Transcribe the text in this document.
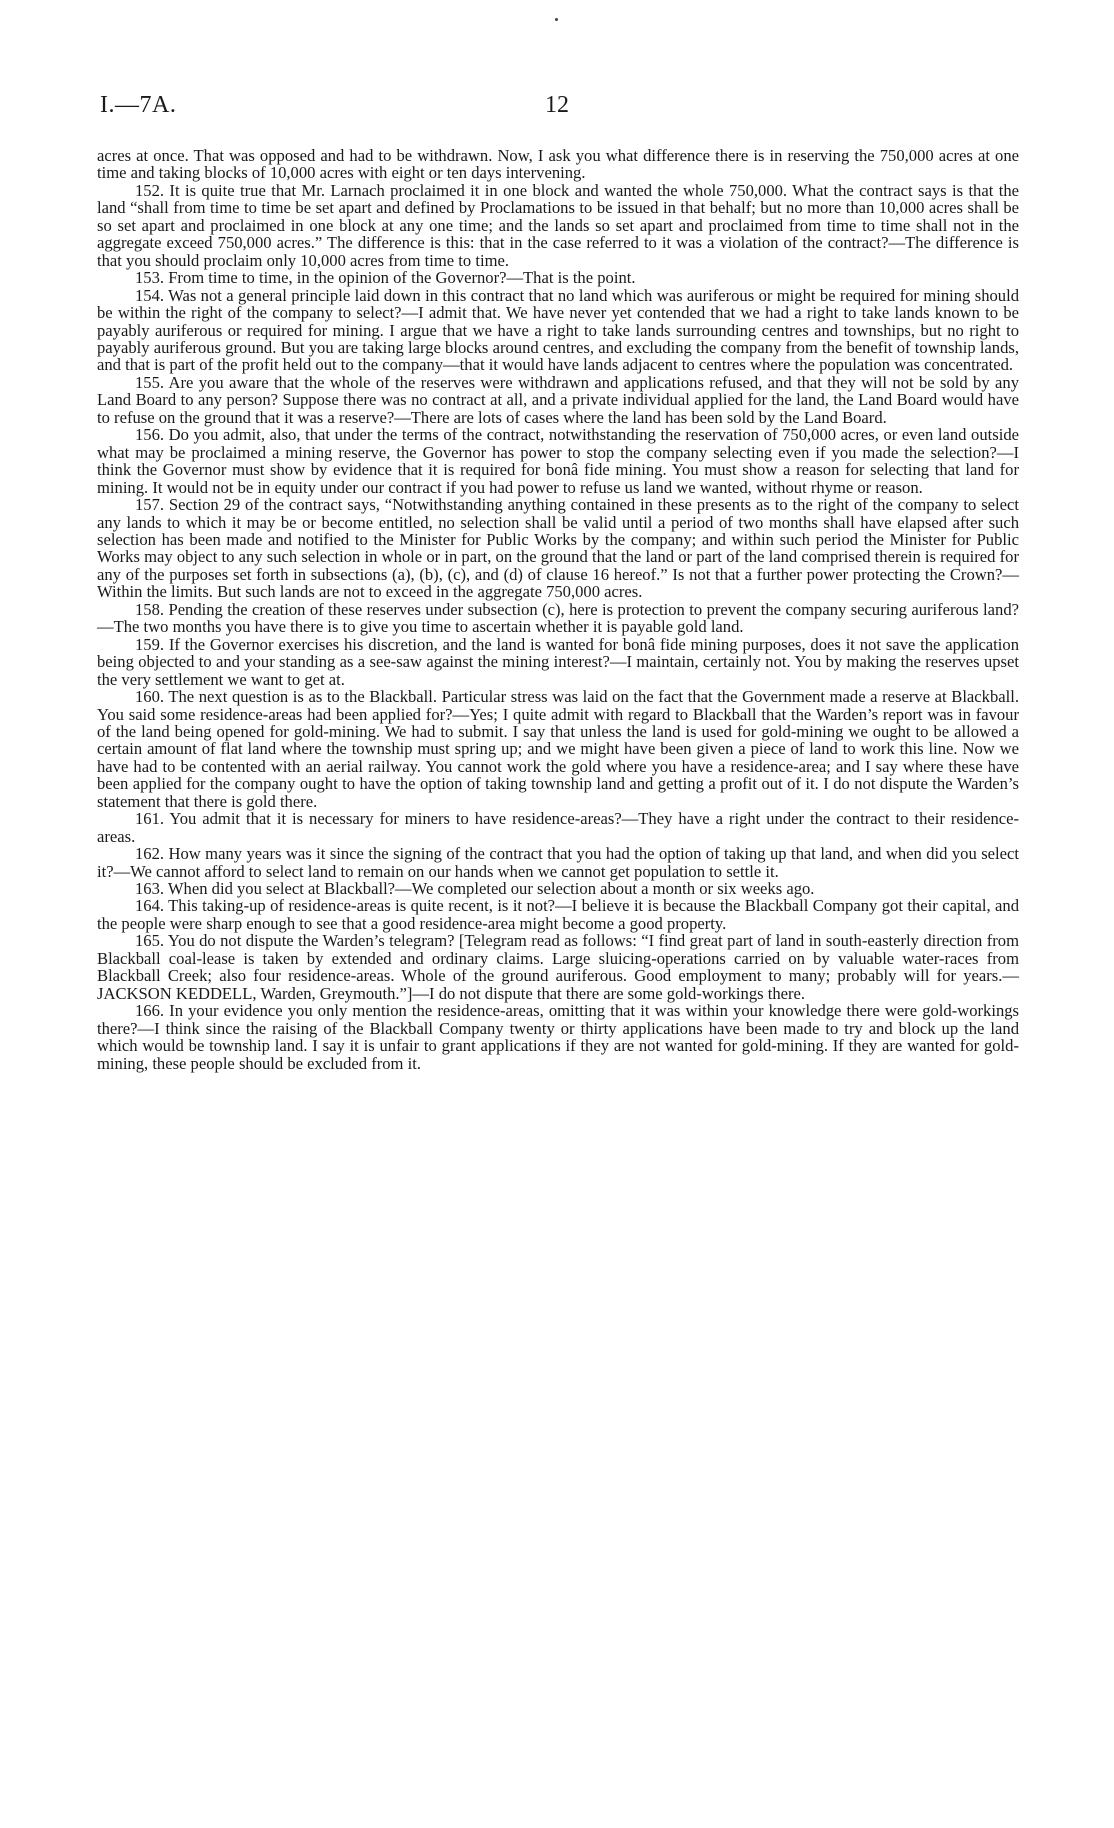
I.—7A.	12

acres at once. That was opposed and had to be withdrawn. Now, I ask you what difference there is in reserving the 750,000 acres at one time and taking blocks of 10,000 acres with eight or ten days intervening.

152. It is quite true that Mr. Larnach proclaimed it in one block and wanted the whole 750,000. What the contract says is that the land “shall from time to time be set apart and defined by Proclamations to be issued in that behalf; but no more than 10,000 acres shall be so set apart and proclaimed in one block at any one time; and the lands so set apart and proclaimed from time to time shall not in the aggregate exceed 750,000 acres.” The difference is this: that in the case referred to it was a violation of the contract?—The difference is that you should proclaim only 10,000 acres from time to time.

153. From time to time, in the opinion of the Governor?—That is the point.

154. Was not a general principle laid down in this contract that no land which was auriferous or might be required for mining should be within the right of the company to select?—I admit that. We have never yet contended that we had a right to take lands known to be payably auriferous or required for mining. I argue that we have a right to take lands surrounding centres and townships, but no right to payably auriferous ground. But you are taking large blocks around centres, and excluding the company from the benefit of township lands, and that is part of the profit held out to the company—that it would have lands adjacent to centres where the population was concentrated.

155. Are you aware that the whole of the reserves were withdrawn and applications refused, and that they will not be sold by any Land Board to any person? Suppose there was no contract at all, and a private individual applied for the land, the Land Board would have to refuse on the ground that it was a reserve?—There are lots of cases where the land has been sold by the Land Board.

156. Do you admit, also, that under the terms of the contract, notwithstanding the reservation of 750,000 acres, or even land outside what may be proclaimed a mining reserve, the Governor has power to stop the company selecting even if you made the selection?—I think the Governor must show by evidence that it is required for bonâ fide mining. You must show a reason for selecting that land for mining. It would not be in equity under our contract if you had power to refuse us land we wanted, without rhyme or reason.

157. Section 29 of the contract says, “Notwithstanding anything contained in these presents as to the right of the company to select any lands to which it may be or become entitled, no selection shall be valid until a period of two months shall have elapsed after such selection has been made and notified to the Minister for Public Works by the company; and within such period the Minister for Public Works may object to any such selection in whole or in part, on the ground that the land or part of the land comprised therein is required for any of the purposes set forth in subsections (a), (b), (c), and (d) of clause 16 hereof.” Is not that a further power protecting the Crown?—Within the limits. But such lands are not to exceed in the aggregate 750,000 acres.

158. Pending the creation of these reserves under subsection (c), here is protection to prevent the company securing auriferous land?—The two months you have there is to give you time to ascertain whether it is payable gold land.

159. If the Governor exercises his discretion, and the land is wanted for bonâ fide mining purposes, does it not save the application being objected to and your standing as a see-saw against the mining interest?—I maintain, certainly not. You by making the reserves upset the very settlement we want to get at.

160. The next question is as to the Blackball. Particular stress was laid on the fact that the Government made a reserve at Blackball. You said some residence-areas had been applied for?—Yes; I quite admit with regard to Blackball that the Warden’s report was in favour of the land being opened for gold-mining. We had to submit. I say that unless the land is used for gold-mining we ought to be allowed a certain amount of flat land where the township must spring up; and we might have been given a piece of land to work this line. Now we have had to be contented with an aerial railway. You cannot work the gold where you have a residence-area; and I say where these have been applied for the company ought to have the option of taking township land and getting a profit out of it. I do not dispute the Warden’s statement that there is gold there.

161. You admit that it is necessary for miners to have residence-areas?—They have a right under the contract to their residence-areas.

162. How many years was it since the signing of the contract that you had the option of taking up that land, and when did you select it?—We cannot afford to select land to remain on our hands when we cannot get population to settle it.

163. When did you select at Blackball?—We completed our selection about a month or six weeks ago.

164. This taking-up of residence-areas is quite recent, is it not?—I believe it is because the Blackball Company got their capital, and the people were sharp enough to see that a good residence-area might become a good property.

165. You do not dispute the Warden’s telegram? [Telegram read as follows: “I find great part of land in south-easterly direction from Blackball coal-lease is taken by extended and ordinary claims. Large sluicing-operations carried on by valuable water-races from Blackball Creek; also four residence-areas. Whole of the ground auriferous. Good employment to many; probably will for years.—JACKSON KEDDELL, Warden, Greymouth.”]—I do not dispute that there are some gold-workings there.

166. In your evidence you only mention the residence-areas, omitting that it was within your knowledge there were gold-workings there?—I think since the raising of the Blackball Company twenty or thirty applications have been made to try and block up the land which would be township land. I say it is unfair to grant applications if they are not wanted for gold-mining. If they are wanted for gold-mining, these people should be excluded from it.
